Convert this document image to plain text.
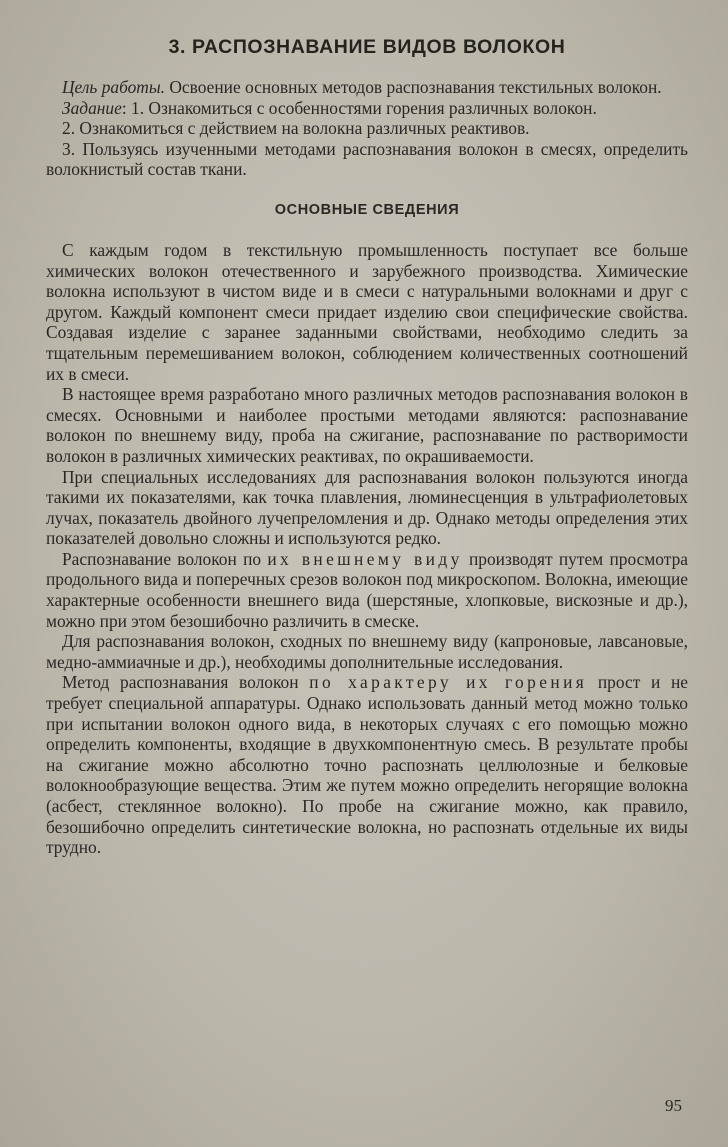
3. РАСПОЗНАВАНИЕ ВИДОВ ВОЛОКОН

Цель работы. Освоение основных методов распознавания текстильных волокон.

Задание: 1. Ознакомиться с особенностями горения различных волокон.

2. Ознакомиться с действием на волокна различных реактивов.

3. Пользуясь изученными методами распознавания волокон в смесях, определить волокнистый состав ткани.

ОСНОВНЫЕ СВЕДЕНИЯ

С каждым годом в текстильную промышленность поступает все больше химических волокон отечественного и зарубежного производства. Химические волокна используют в чистом виде и в смеси с натуральными волокнами и друг с другом. Каждый компонент смеси придает изделию свои специфические свойства. Создавая изделие с заранее заданными свойствами, необходимо следить за тщательным перемешиванием волокон, соблюдением количественных соотношений их в смеси.

В настоящее время разработано много различных методов распознавания волокон в смесях. Основными и наиболее простыми методами являются: распознавание волокон по внешнему виду, проба на сжигание, распознавание по растворимости волокон в различных химических реактивах, по окрашиваемости.

При специальных исследованиях для распознавания волокон пользуются иногда такими их показателями, как точка плавления, люминесценция в ультрафиолетовых лучах, показатель двойного лучепреломления и др. Однако методы определения этих показателей довольно сложны и используются редко.

Распознавание волокон по их внешнему виду производят путем просмотра продольного вида и поперечных срезов волокон под микроскопом. Волокна, имеющие характерные особенности внешнего вида (шерстяные, хлопковые, вискозные и др.), можно при этом безошибочно различить в смеске.

Для распознавания волокон, сходных по внешнему виду (капроновые, лавсановые, медно-аммиачные и др.), необходимы дополнительные исследования.

Метод распознавания волокон по характеру их горения прост и не требует специальной аппаратуры. Однако использовать данный метод можно только при испытании волокон одного вида, в некоторых случаях с его помощью можно определить компоненты, входящие в двухкомпонентную смесь. В результате пробы на сжигание можно абсолютно точно распознать целлюлозные и белковые волокнообразующие вещества. Этим же путем можно определить негорящие волокна (асбест, стеклянное волокно). По пробе на сжигание можно, как правило, безошибочно определить синтетические волокна, но распознать отдельные их виды трудно.

95
